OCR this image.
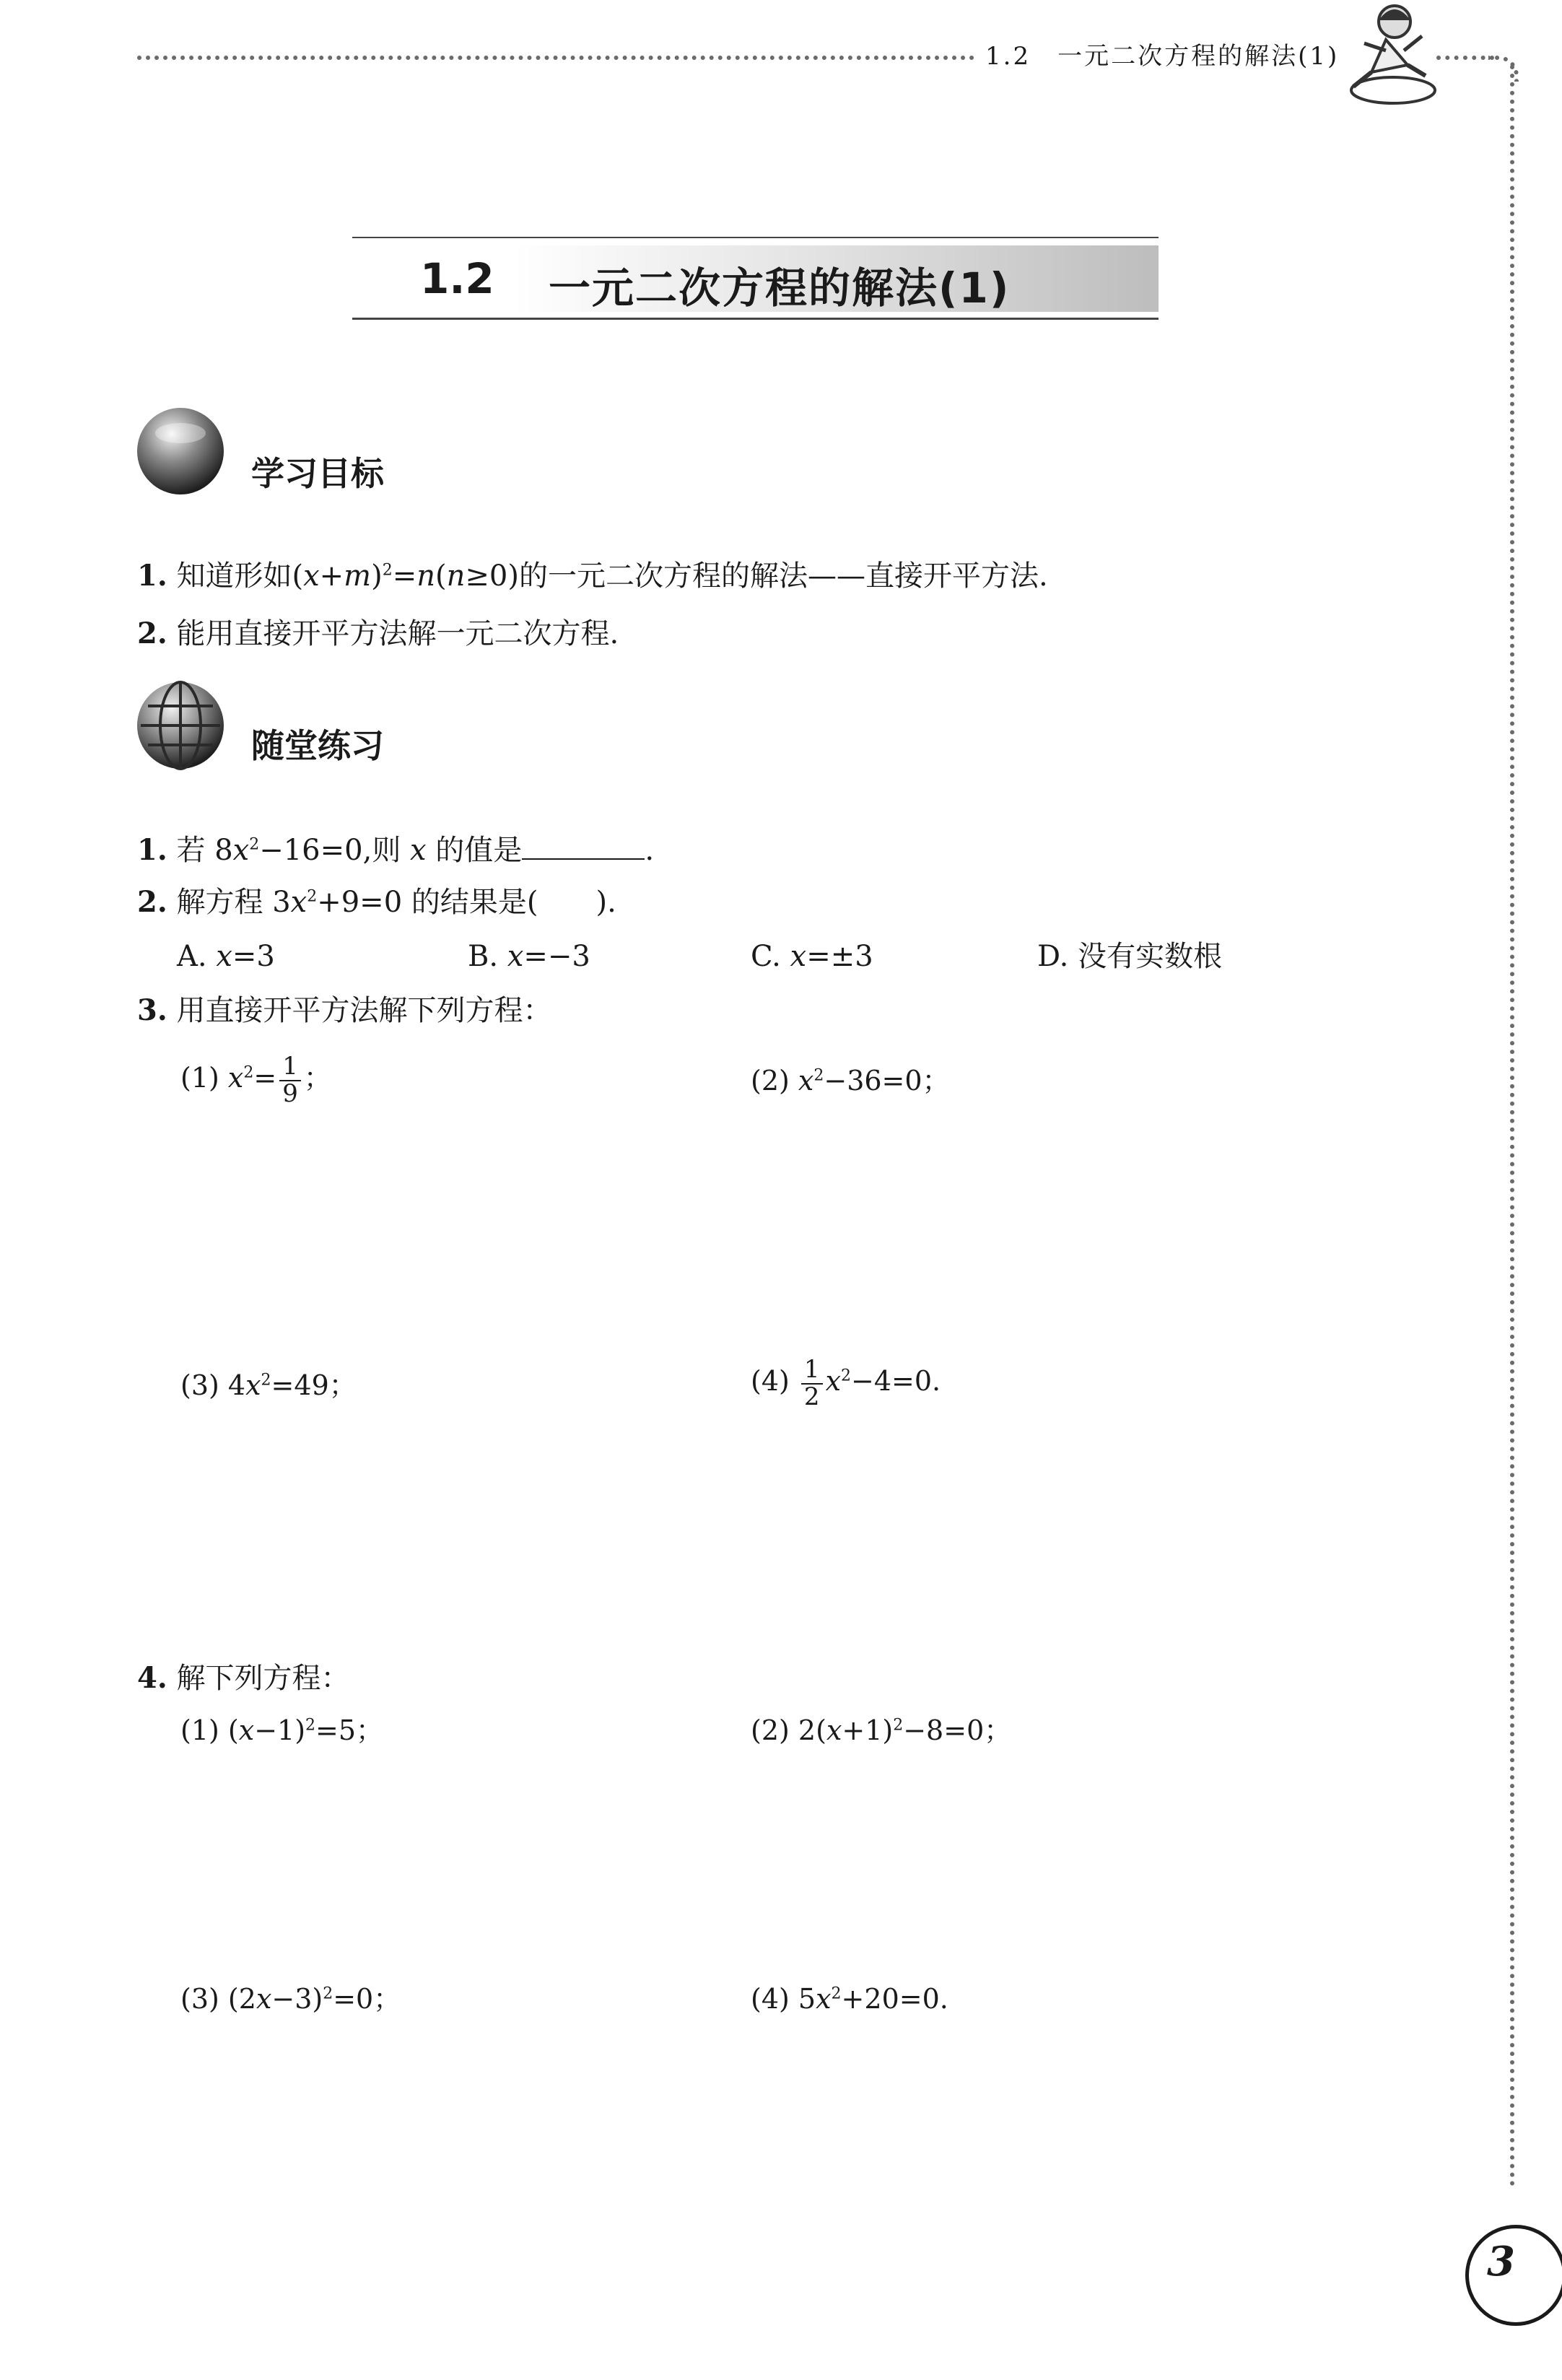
1.2　一元二次方程的解法(1)
1.2 一元二次方程的解法(1)
学习目标
1. 知道形如$(x+m)^2=n(n\ge 0)$的一元二次方程的解法——直接开平方法.
2. 能用直接开平方法解一元二次方程.
随堂练习
1. 若 $8x^2-16=0$,则 x 的值是	.
2. 解方程 $3x^2+9=0$ 的结果是( ).
A. x=3	B. x=−3	C. x=±3	D. 没有实数根
3. 用直接开平方法解下列方程：
(1) $x^2= \frac{1}{9}$ ；	(2) $x^2-36=0$；
(3) $4x^2=49$；	$(4) \frac{1}{2} x^2-4=0$.
4. 解下列方程：
(1) $(x-1)^2=5$；	(2) $2(x+1)^2-8=0$；
(3) $(2x-3)^2=0$；	(4) $5x^2+20=0$.
3
